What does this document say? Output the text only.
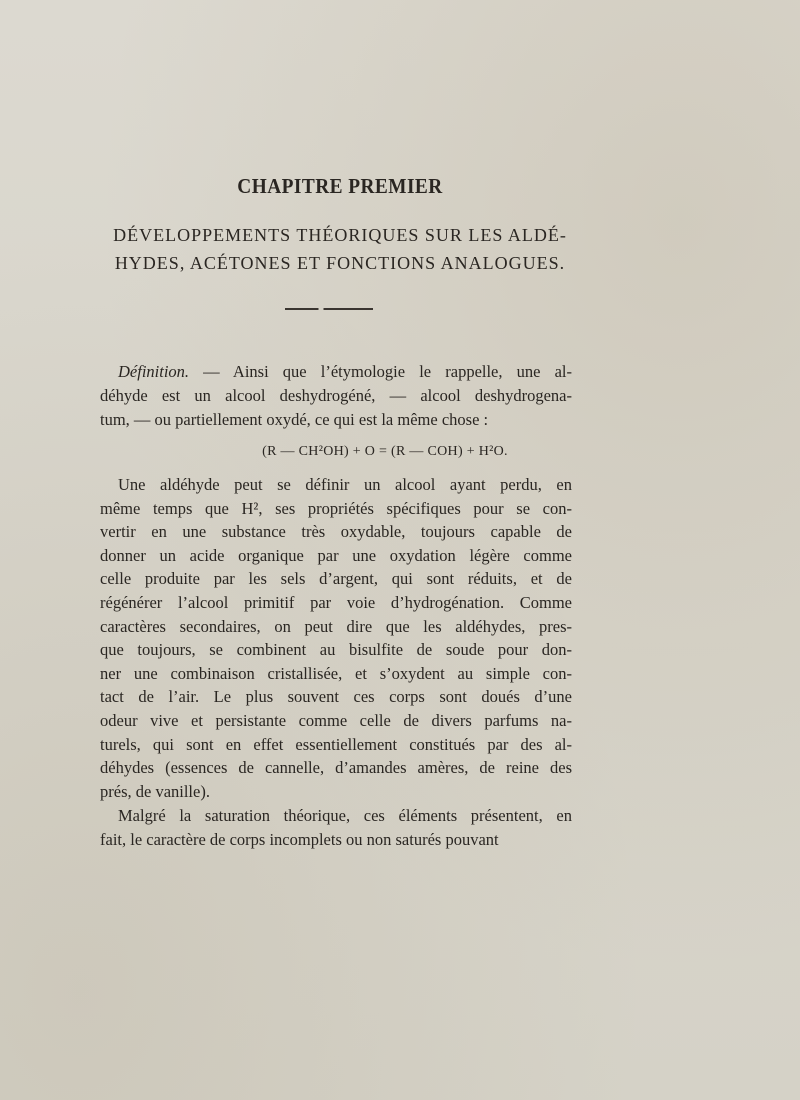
CHAPITRE PREMIER

DÉVELOPPEMENTS THÉORIQUES SUR LES ALDÉ-

HYDES, ACÉTONES ET FONCTIONS ANALOGUES.

Définition. — Ainsi que l’étymologie le rappelle, une al-

déhyde est un alcool deshydrogéné, — alcool deshydrogena-

tum, — ou partiellement oxydé, ce qui est la même chose :

(R — CH²OH) + O = (R — COH) + H²O.

Une aldéhyde peut se définir un alcool ayant perdu, en

même temps que H², ses propriétés spécifiques pour se con-

vertir en une substance très oxydable, toujours capable de

donner un acide organique par une oxydation légère comme

celle produite par les sels d’argent, qui sont réduits, et de

régénérer l’alcool primitif par voie d’hydrogénation. Comme

caractères secondaires, on peut dire que les aldéhydes, pres-

que toujours, se combinent au bisulfite de soude pour don-

ner une combinaison cristallisée, et s’oxydent au simple con-

tact de l’air. Le plus souvent ces corps sont doués d’une

odeur vive et persistante comme celle de divers parfums na-

turels, qui sont en effet essentiellement constitués par des al-

déhydes (essences de cannelle, d’amandes amères, de reine des

prés, de vanille).

Malgré la saturation théorique, ces éléments présentent, en

fait, le caractère de corps incomplets ou non saturés pouvant
